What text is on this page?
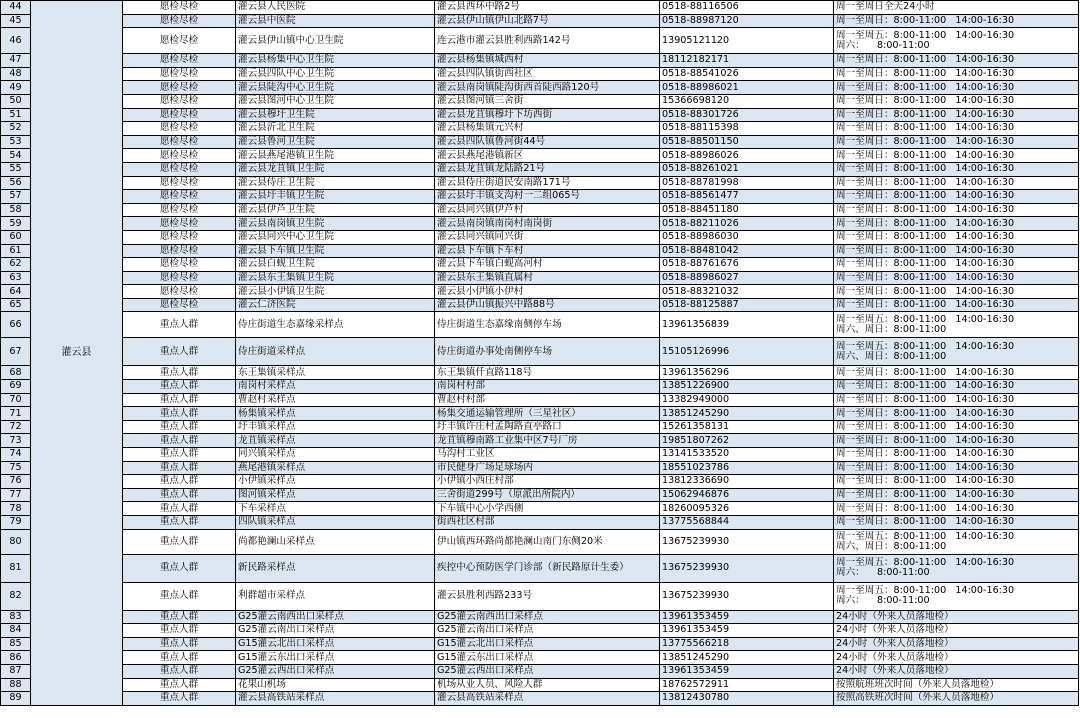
44	灌云县	愿检尽检	灌云县人民医院	灌云县西环中路2号	0518-88116506	周一至周日全天24小时
45		愿检尽检	灌云县中医院	灌云县伊山镇伊山北路7号	0518-88987120	周一至周日：8:00-11:00   14:00-16:30
46		愿检尽检	灌云县伊山镇中心卫生院	连云港市灌云县胜利西路142号	13905121120	周一至周五：8:00-11:00   14:00-16:30
周六：    8:00-11:00
47		愿检尽检	灌云县杨集中心卫生院	灌云县杨集镇城西村	18112182171	周一至周日：8:00-11:00   14:00-16:30
48		愿检尽检	灌云县四队中心卫生院	灌云县四队镇街西社区	0518-88541026	周一至周日：8:00-11:00   14:00-16:30
49		愿检尽检	灌云县陡沟中心卫生院	灌云县南岗镇陡沟街西首陡西路120号	0518-88986021	周一至周日：8:00-11:00   14:00-16:30
50		愿检尽检	灌云县图河中心卫生院	灌云县图河镇三舍街	15366698120	周一至周日：8:00-11:00   14:00-16:30
51		愿检尽检	灌云县穆圩卫生院	灌云县龙苴镇穆圩下坊西街	0518-88301726	周一至周日：8:00-11:00   14:00-16:30
52		愿检尽检	灌云县沂北卫生院	灌云县杨集镇元兴村	0518-88115398	周一至周日：8:00-11:00   14:00-16:30
53		愿检尽检	灌云县鲁河卫生院	灌云县四队镇鲁河街44号	0518-88501150	周一至周日：8:00-11:00   14:00-16:30
54		愿检尽检	灌云县燕尾港镇卫生院	灌云县燕尾港镇新区	0518-88986026	周一至周日：8:00-11:00   14:00-16:30
55		愿检尽检	灌云县龙苴镇卫生院	灌云县龙苴镇龙陆路21号	0518-88261021	周一至周日：8:00-11:00   14:00-16:30
56		愿检尽检	灌云县侍庄卫生院	灌云县侍庄街道民安南路171号	0518-88781998	周一至周日：8:00-11:00   14:00-16:30
57		愿检尽检	灌云县圩丰镇卫生院	灌云县圩丰镇支沟村一二组065号	0518-88561477	周一至周日：8:00-11:00   14:00-16:30
58		愿检尽检	灌云县伊芦卫生院	灌云县同兴镇伊芦村	0518-88451180	周一至周日：8:00-11:00   14:00-16:30
59		愿检尽检	灌云县南岗镇卫生院	灌云县南岗镇南岗村南岗街	0518-88211026	周一至周日：8:00-11:00   14:00-16:30
60		愿检尽检	灌云县同兴中心卫生院	灌云县同兴镇同兴街	0518-88986030	周一至周日：8:00-11:00   14:00-16:30
61		愿检尽检	灌云县下车镇卫生院	灌云县下车镇下车村	0518-88481042	周一至周日：8:00-11:00   14:00-16:30
62		愿检尽检	灌云县白蚬卫生院	灌云县下车镇白蚬高河村	0518-88761676	周一至周日：8:00-11:00   14:00-16:30
63		愿检尽检	灌云县东王集镇卫生院	灌云县东王集镇直属村	0518-88986027	周一至周日：8:00-11:00   14:00-16:30
64		愿检尽检	灌云县小伊镇卫生院	灌云县小伊镇小伊村	0518-88321032	周一至周日：8:00-11:00   14:00-16:30
65		愿检尽检	灌云仁济医院	灌云县伊山镇振兴中路88号	0518-88125887	周一至周日：8:00-11:00   14:00-16:30
66		重点人群	侍庄街道生态嘉缘采样点	侍庄街道生态嘉缘南侧停车场	13961356839	周一至周五：8:00-11:00   14:00-16:30
周六、周日：8:00-11:00
67		重点人群	侍庄街道采样点	侍庄街道办事处南侧停车场	15105126996	周一至周五：8:00-11:00   14:00-16:30
周六、周日：8:00-11:00
68		重点人群	东王集镇采样点	东王集镇仟直路118号	13961356296	周一至周日：8:00-11:00   14:00-16:30
69		重点人群	南岗村采样点	南岗村村部	13851226900	周一至周日：8:00-11:00   14:00-16:30
70		重点人群	曹赵村采样点	曹赵村村部	13382949000	周一至周日：8:00-11:00   14:00-16:30
71		重点人群	杨集镇采样点	杨集交通运输管理所（三星社区）	13851245290	周一至周日：8:00-11:00   14:00-16:30
72		重点人群	圩丰镇采样点	圩丰镇许庄村孟陶路直亭路口	15261358131	周一至周日：8:00-11:00   14:00-16:30
73		重点人群	龙苴镇采样点	龙苴镇穆南路工业集中区7号厂房	19851807262	周一至周日：8:00-11:00   14:00-16:30
74		重点人群	同兴镇采样点	马沟村工业区	13141533520	周一至周日：8:00-11:00   14:00-16:30
75		重点人群	燕尾港镇采样点	市民健身广场足球场内	18551023786	周一至周日：8:00-11:00   14:00-16:30
76		重点人群	小伊镇采样点	小伊镇小西庄村部	13812336690	周一至周日：8:00-11:00   14:00-16:30
77		重点人群	图河镇采样点	三舍街道299号（原派出所院内）	15062946876	周一至周日：8:00-11:00   14:00-16:30
78		重点人群	下车采样点	下车镇中心小学西侧	18260095326	周一至周日：8:00-11:00   14:00-16:30
79		重点人群	四队镇采样点	街西社区村部	13775568844	周一至周日：8:00-11:00   14:00-16:30
80		重点人群	尚都艳澜山采样点	伊山镇西环路尚都艳澜山南门东侧20米	13675239930	周一至周五：8:00-11:00   14:00-16:30
周六、周日：8:00-11:00
81		重点人群	新民路采样点	疾控中心预防医学门诊部（新民路原计生委）	13675239930	周一至周五：8:00-11:00   14:00-16:30
周六：    8:00-11:00
82		重点人群	利群超市采样点	灌云县胜利西路233号	13675239930	周一至周五：8:00-11:00   14:00-16:30
周六：    8:00-11:00
83		重点人群	G25灌云南西出口采样点	G25灌云南西出口采样点	13961353459	24小时（外来人员落地检）
84		重点人群	G25灌云南出口采样点	G25灌云南出口采样点	13961353459	24小时（外来人员落地检）
85		重点人群	G15灌云北出口采样点	G15灌云北出口采样点	13775566218	24小时（外来人员落地检）
86		重点人群	G15灌云东出口采样点	G15灌云东出口采样点	13851245290	24小时（外来人员落地检）
87		重点人群	G25灌云西出口采样点	G25灌云西出口采样点	13961353459	24小时（外来人员落地检）
88		重点人群	花果山机场	机场从业人员、风险人群	18762572911	按照航班班次时间（外来人员落地检）
89		重点人群	灌云县高铁站采样点	灌云县高铁站采样点	13812430780	按照高铁班次时间（外来人员落地检）
